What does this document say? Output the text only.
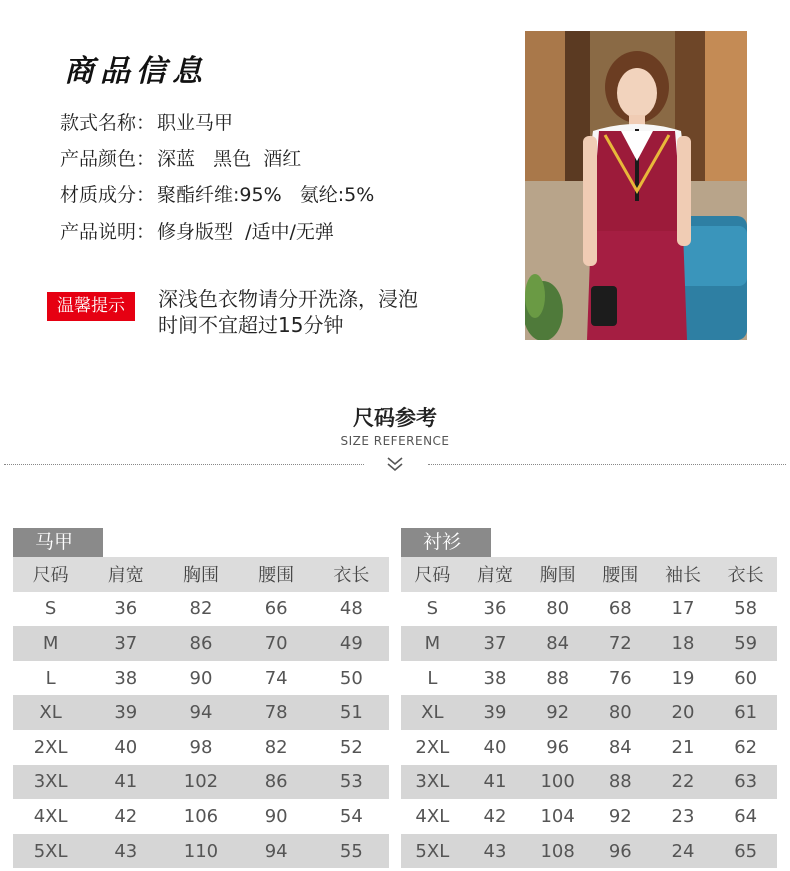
商品信息
款式名称： 职业马甲
产品颜色： 深蓝   黑色  酒红
材质成分： 聚酯纤维:95%   氨纶:5%
产品说明： 修身版型  /适中/无弹
温馨提示	深浅色衣物请分开洗涤，浸泡
时间不宜超过15分钟
尺码参考
SIZE REFERENCE
马甲
尺码	肩宽	胸围	腰围	衣长
S	36	82	66	48
M	37	86	70	49
L	38	90	74	50
XL	39	94	78	51
2XL	40	98	82	52
3XL	41	102	86	53
4XL	42	106	90	54
5XL	43	110	94	55
衬衫
尺码	肩宽	胸围	腰围	袖长	衣长
S	36	80	68	17	58
M	37	84	72	18	59
L	38	88	76	19	60
XL	39	92	80	20	61
2XL	40	96	84	21	62
3XL	41	100	88	22	63
4XL	42	104	92	23	64
5XL	43	108	96	24	65
